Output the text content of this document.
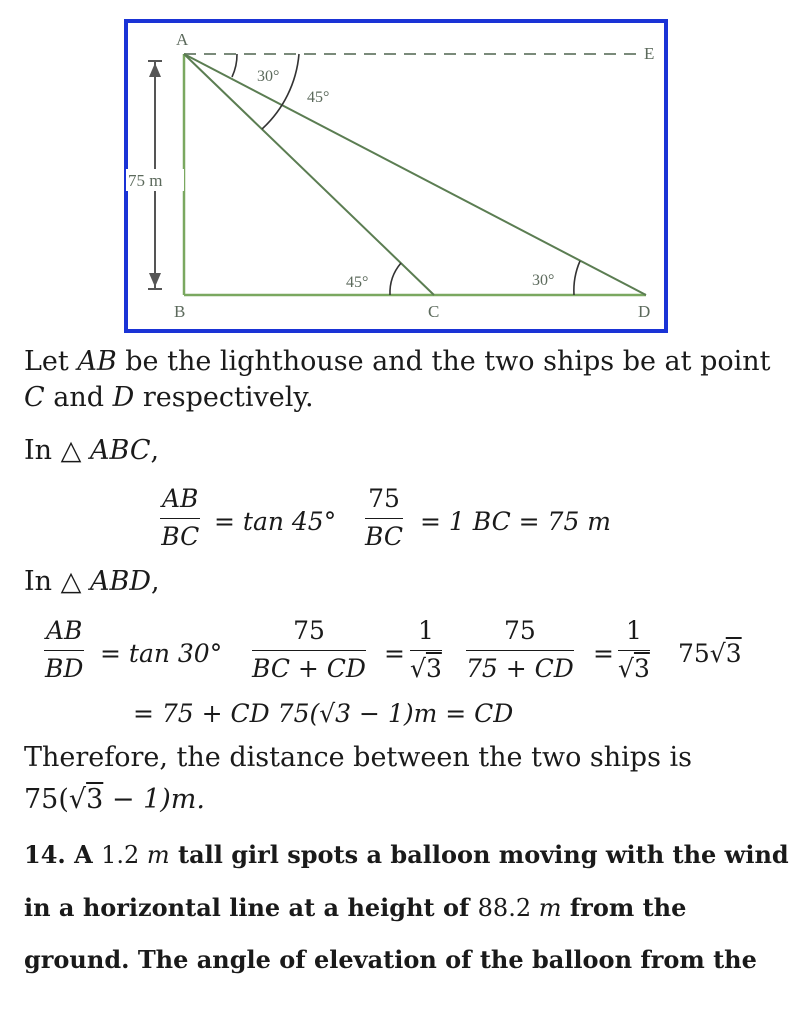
A
E
B	C	D
75 m
30°
45°
45°	30°
Let AB be the lighthouse and the two ships be at point
C and D respectively.
In △ ABC,
$\frac{AB}{BC} = \tan 45^\circ \frac{75}{BC} = 1$ BC = 75 m
In △ ABD,
$\frac{AB}{BD} = \tan 30^\circ \frac{75}{BC + CD} = \frac{1}{√3} \frac{75}{75 + CD} = \frac{1}{√3} 75√3$
= 75 + CD 75(√3 − 1)m = CD
Therefore, the distance between the two ships is
75(√3 − 1)m.
14. A 1.2 m tall girl spots a balloon moving with the wind
in a horizontal line at a height of 88.2 m from the
ground. The angle of elevation of the balloon from the
